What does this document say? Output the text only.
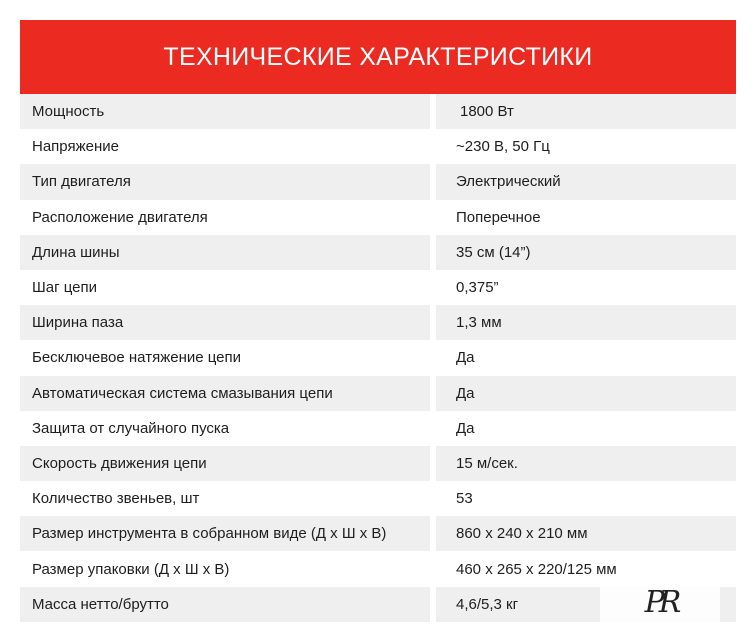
ТЕХНИЧЕСКИЕ ХАРАКТЕРИСТИКИ
Мощность	1800 Вт
Напряжение	~230 В, 50 Гц
Тип двигателя	Электрический
Расположение двигателя	Поперечное
Длина шины	35 см (14”)
Шаг цепи	0,375”
Ширина паза	1,3 мм
Бесключевое натяжение цепи	Да
Автоматическая система смазывания цепи	Да
Защита от случайного пуска	Да
Скорость движения цепи	15 м/сек.
Количество звеньев, шт	53
Размер инструмента в собранном виде (Д х Ш х В)	860 х 240 х 210 мм
Размер упаковки (Д х Ш х В)	460 х 265 х 220/125 мм
Масса нетто/брутто	4,6/5,3 кг	PR
